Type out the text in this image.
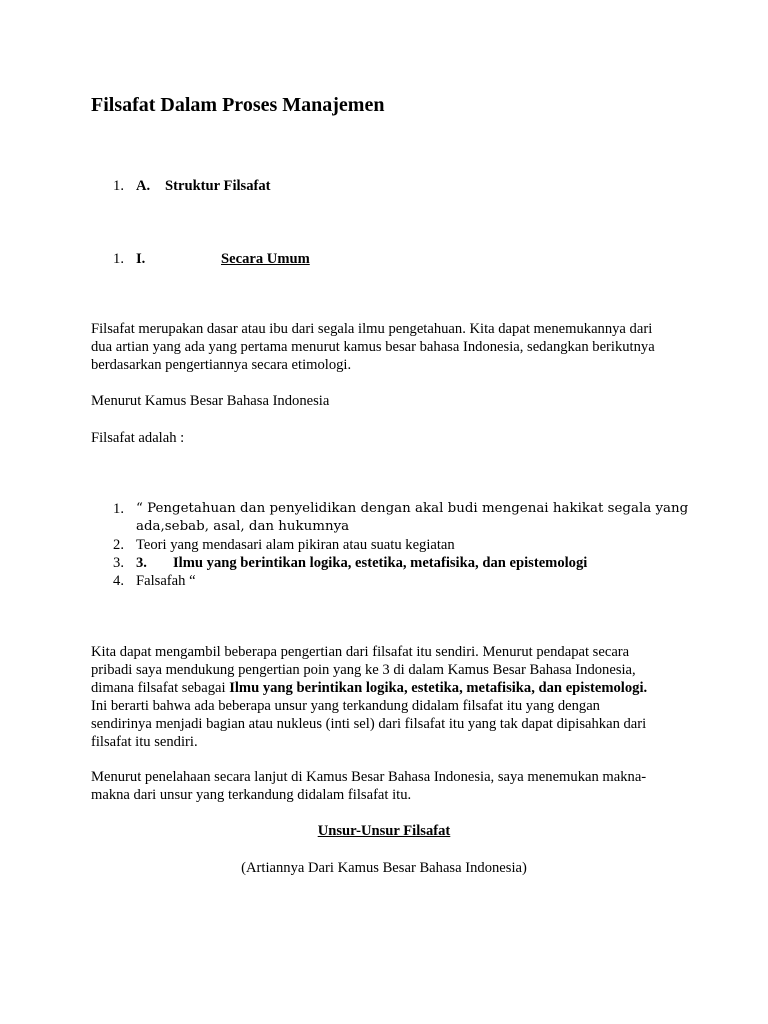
Filsafat Dalam Proses Manajemen
1. A. Struktur Filsafat
1. I.	Secara Umum
Filsafat merupakan dasar atau ibu dari segala ilmu pengetahuan. Kita dapat menemukannya dari
dua artian yang ada yang pertama menurut kamus besar bahasa Indonesia, sedangkan berikutnya
berdasarkan pengertiannya secara etimologi.
Menurut Kamus Besar Bahasa Indonesia
Filsafat adalah :
1. “ Pengetahuan dan penyelidikan dengan akal budi mengenai hakikat segala yang
ada,sebab, asal, dan hukumnya
2. Teori yang mendasari alam pikiran atau suatu kegiatan
3. 3. Ilmu yang berintikan logika, estetika, metafisika, dan epistemologi
4. Falsafah “
Kita dapat mengambil beberapa pengertian dari filsafat itu sendiri. Menurut pendapat secara
pribadi saya mendukung pengertian poin yang ke 3 di dalam Kamus Besar Bahasa Indonesia,
dimana filsafat sebagai Ilmu yang berintikan logika, estetika, metafisika, dan epistemologi.
Ini berarti bahwa ada beberapa unsur yang terkandung didalam filsafat itu yang dengan
sendirinya menjadi bagian atau nukleus (inti sel) dari filsafat itu yang tak dapat dipisahkan dari
filsafat itu sendiri.
Menurut penelahaan secara lanjut di Kamus Besar Bahasa Indonesia, saya menemukan makna-
makna dari unsur yang terkandung didalam filsafat itu.
Unsur-Unsur Filsafat
(Artiannya Dari Kamus Besar Bahasa Indonesia)
